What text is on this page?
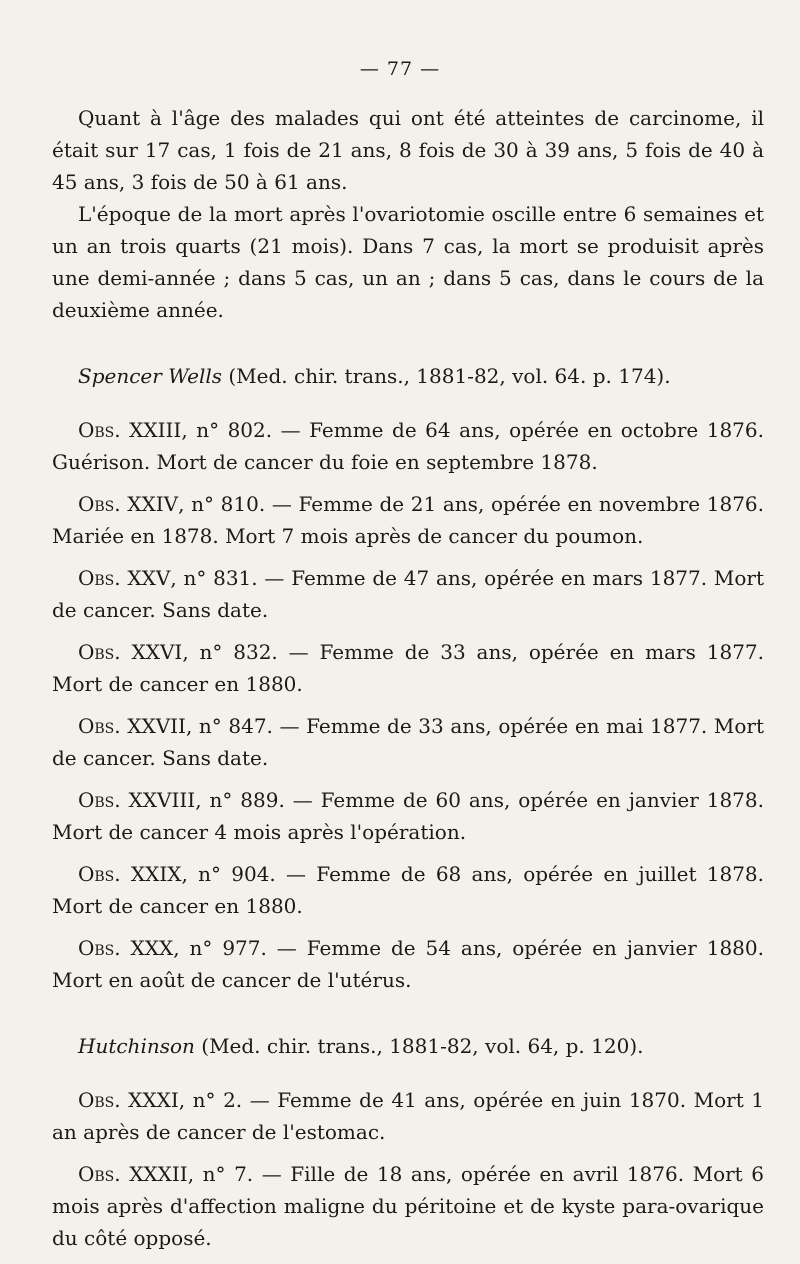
— 77 —

Quant à l'âge des malades qui ont été atteintes de carcinome, il était sur 17 cas, 1 fois de 21 ans, 8 fois de 30 à 39 ans, 5 fois de 40 à 45 ans, 3 fois de 50 à 61 ans.

L'époque de la mort après l'ovariotomie oscille entre 6 semaines et un an trois quarts (21 mois). Dans 7 cas, la mort se produisit après une demi-année ; dans 5 cas, un an ; dans 5 cas, dans le cours de la deuxième année.

Spencer Wells (Med. chir. trans., 1881-82, vol. 64. p. 174).

Obs. XXIII, n° 802. — Femme de 64 ans, opérée en octobre 1876. Guérison. Mort de cancer du foie en septembre 1878.

Obs. XXIV, n° 810. — Femme de 21 ans, opérée en novembre 1876. Mariée en 1878. Mort 7 mois après de cancer du poumon.

Obs. XXV, n° 831. — Femme de 47 ans, opérée en mars 1877. Mort de cancer. Sans date.

Obs. XXVI, n° 832. — Femme de 33 ans, opérée en mars 1877. Mort de cancer en 1880.

Obs. XXVII, n° 847. — Femme de 33 ans, opérée en mai 1877. Mort de cancer. Sans date.

Obs. XXVIII, n° 889. — Femme de 60 ans, opérée en janvier 1878. Mort de cancer 4 mois après l'opération.

Obs. XXIX, n° 904. — Femme de 68 ans, opérée en juillet 1878. Mort de cancer en 1880.

Obs. XXX, n° 977. — Femme de 54 ans, opérée en janvier 1880. Mort en août de cancer de l'utérus.

Hutchinson (Med. chir. trans., 1881-82, vol. 64, p. 120).

Obs. XXXI, n° 2. — Femme de 41 ans, opérée en juin 1870. Mort 1 an après de cancer de l'estomac.

Obs. XXXII, n° 7. — Fille de 18 ans, opérée en avril 1876. Mort 6 mois après d'affection maligne du péritoine et de kyste para-ovarique du côté opposé.
